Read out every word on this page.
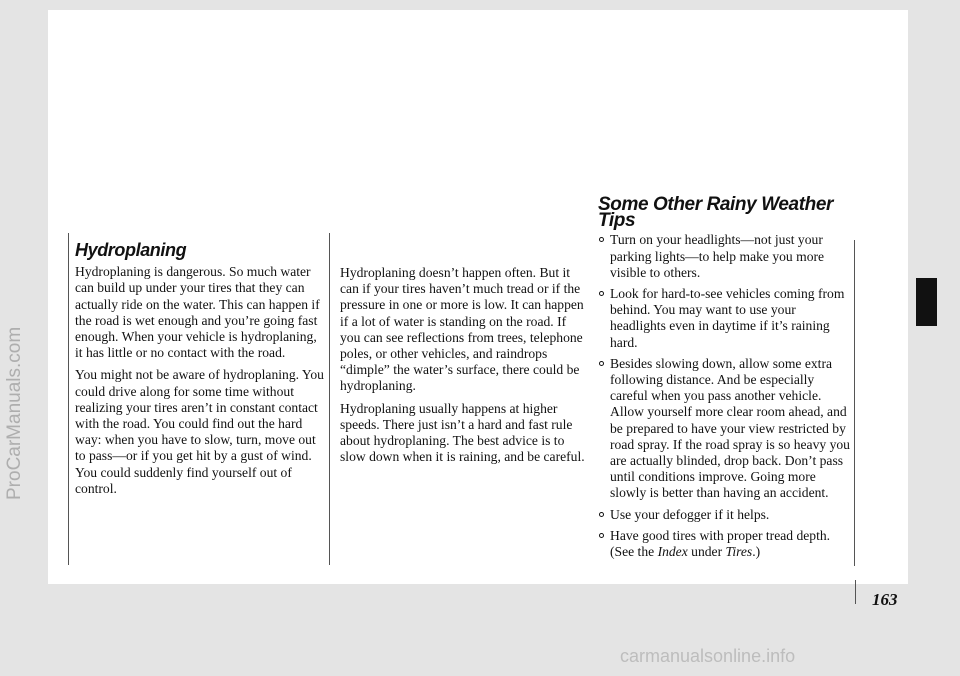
ProCarManuals.com
Hydroplaning

Hydroplaning is dangerous. So much water can build up under your tires that they can actually ride on the water. This can happen if the road is wet enough and you’re going fast enough. When your vehicle is hydroplaning, it has little or no contact with the road.

You might not be aware of hydroplaning. You could drive along for some time without realizing your tires aren’t in constant contact with the road. You could find out the hard way: when you have to slow, turn, move out to pass—or if you get hit by a gust of wind. You could suddenly find yourself out of control.

Hydroplaning doesn’t happen often. But it can if your tires haven’t much tread or if the pressure in one or more is low. It can happen if a lot of water is standing on the road. If you can see reflections from trees, telephone poles, or other vehicles, and raindrops “dimple” the water’s surface, there could be hydroplaning.

Hydroplaning usually happens at higher speeds. There just isn’t a hard and fast rule about hydroplaning. The best advice is to slow down when it is raining, and be careful.

Some Other Rainy Weather Tips
Turn on your headlights—not just your parking lights—to help make you more visible to others.
Look for hard-to-see vehicles coming from behind. You may want to use your headlights even in daytime if it’s raining hard.
Besides slowing down, allow some extra following distance. And be especially careful when you pass another vehicle. Allow yourself more clear room ahead, and be prepared to have your view restricted by road spray. If the road spray is so heavy you are actually blinded, drop back. Don’t pass until conditions improve. Going more slowly is better than having an accident.
Use your defogger if it helps.
Have good tires with proper tread depth. (See the Index under Tires.)
163
carmanualsonline.info
